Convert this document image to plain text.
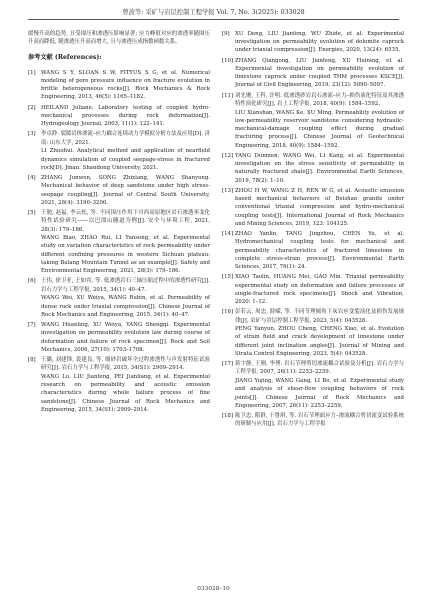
曾波等: 采矿与岩层控制工程学报 Vol. 7, No. 3(2025): 033028

缓慢升高的趋势, 且受围压和渗透压影响显著; 应力峰值对应的渗透率随围压升高而降低, 随渗透压升高而增大, 且与渗透压成指数函数关系。

参考文献 (References):
[1] WANG S Y, SLOAN S W, FITYUS S G, et al. Numerical modeling of pore pressure influence on fracture evolution in brittle heterogeneous rocks[J]. Rock Mechanics & Rock Engineering, 2013, 46(5): 1165–1182.
[2] HEILAND Juliane. Laboratory testing of coupled hydro-mechanical processes during rock deformation[J]. Hydrogeology Journal, 2003, 11(1): 122–141.
[3] 李卓錚. 裂隙岩体渗流–应力耦合连续动力学模拟分析方法及应用[D]. 济南: 山东大学, 2021.
LI Zhuohui. Analytical method and application of nearfield dynamics simulation of coupled seepage-stress in fractured rock[D]. Jinan: Shandong University, 2021.
[4] ZHANG Junwen, SONG Zhixiang, WANG Shanyong. Mechanical behavior of deep sandstone under high stress-seepage coupling[J]. Journal of Central South University, 2021, 28(4): 3190–3206.
[5] 王勉, 赵福, 李云松, 等. 不同围压作用下川西高原地区岩石渗透率变化特性试验研究——以巴郎山隧道为例[J]. 安全与环境工程, 2021, 28(3): 179–186.
WANG Biao, ZHAO Rui, LI Yunsong, et al. Experimental study on variation characteristics of rock permeability under different confining pressures in western Sichuan plateau: taking Balang Mountain Tunnel as an example[J]. Safety and Environmental Engineering, 2021, 28(3): 179–186.
[6] 王伟, 徐卫亚, 王如宾, 等. 低渗透岩石三轴压缩过程中的渗透性研究[J]. 岩石力学与工程学报, 2015, 34(1): 40–47.
WANG Wei, XU Weiya, WANG Rubin, et al. Permeability of dense rock under triaxial compression[J]. Chinese Journal of Rock Mechanics and Engineering, 2015, 34(1): 40–47.
[7] WANG Huanling, XU Weiya, YANG Shengqi. Experimental investigation on permeability evolution law during course of deformation and failure of rock specimen[J]. Rock and Soil Mechanics, 2006, 27(10): 1703–1708.
[8] 王璐, 刘建锋, 裴建良, 等. 细砂岩破坏全过程渗透性与声发射特征试验研究[J]. 岩石力学与工程学报, 2015, 34(S1): 2909–2914.
WANG Lu, LIU Jianfeng, PEI Jianliang, et al. Experimental research on permeability and acoustic emission characteristics during whole failure process of fine sandstone[J]. Chinese Journal of Rock Mechanics and Engineering, 2015, 34(S1): 2909–2914.
[9] XU Deng, LIU Jianfeng, WU Zhide, et al. Experimental investigation on permeability evolution of dolomite caprock under triaxial compression[J]. Energies, 2020, 13(24): 6535.
[10] ZHANG Qiangong, LIU Jianfeng, XU Huining, et al. Experimental investigation on permeability evolution of limestone caprock under coupled THM processes KSCE[J]. Journal of Civil Engineering, 2019, 23(12): 5090–5097.
[11] 刘先珊, 王科, 许明. 低渗透砂岩岩石渗流–应力–损伤演化特征及其渗透特性演化研究[J]. 岩土工程学报, 2018, 40(9): 1584–1592.
LIU Xianshan, WANG Ke, XU Ming. Permeability evolution of low-permeability reservoir sandstone considering hydraulic-mechanical-damage coupling effect during gradual fracturing process[J]. Chinese Journal of Geotechnical Engineering, 2018, 40(9): 1584–1592.
[12] YANG Dunmen, WANG Wei, LI Kang, et al. Experimental investigation on the stress sensitivity of permeability in naturally fractured shale[J]. Environmental Earth Sciences, 2019, 78(2): 1–10.
[13] ZHOU H W, WANG Z H, REN W G, et al. Acoustic emission based mechanical behaviors of Beishan granite under conventional triaxial compression and hydro-mechanical coupling tests[J]. International Journal of Rock Mechanics and Mining Sciences, 2019, 123: 104125.
[14] ZHAO Yanlin, TANG Jingzhou, CHEN Yu, et al. Hydromechanical coupling tests for mechanical and permeability characteristics of fractured limestone in complete stress-strain process[J]. Environmental Earth Sciences, 2017, 76(1): 24.
[15] XIAO Taolin, HUANG Mei, GAO Min. Triaxial permeability experimental study on deformation and failure processes of single-fractured rock specimens[J]. Shock and Vibration, 2020: 1–12.
[16] 彭若云, 周忠, 薛嵘, 等. 不同节理倾角下灰岩应变裂演化及损伤发展规律[J]. 采矿与岩层控制工程学报, 2023, 5(4): 043528.
PENG Yanyun, ZHOU Cheng, CHENG Xiao, et al. Evolution of strain field and crack development of limestone under different joint inclination angles[J]. Journal of Mining and Strata Control Engineering, 2023, 5(4): 043528.
[17] 蒋宇静, 王刚, 李博. 岩石节理剪切渗流耦合试验及分析[J]. 岩石力学与工程学报, 2007, 26(11): 2253–2259.
JIANG Yujing, WANG Gang, LI Bo, et al. Experimental study and analysis of shear-flow coupling behaviors of rock joints[J]. Chinese Journal of Rock Mechanics and Engineering, 2007, 26(11): 2253–2259.
[18] 陈卫忠, 隋群, 于鲁琪, 等. 岩石节理面应力–渗流耦合剪切流变试验系统的研制与应用[J]. 岩石力学与工程学报
033028–10
